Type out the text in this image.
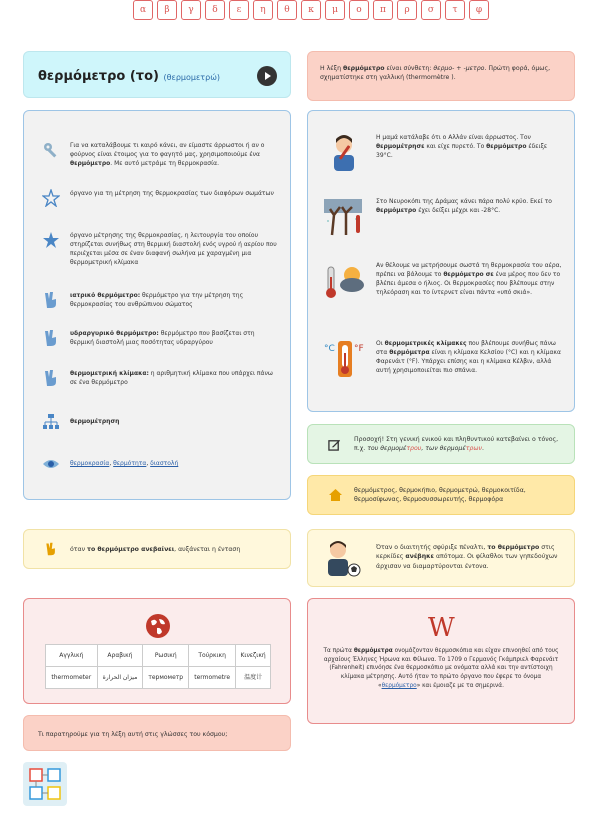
α	β	γ	δ	ε	η	θ	κ	μ	ο	π	ρ	σ	τ	φ
θερμόμετρο (το) (θερμομετρώ)
Η λέξη θερμόμετρο είναι σύνθετη: θερμο- + -μετρο. Πρώτη φορά, όμως, σχηματίστηκε στη γαλλική (thermomètre ).
Για να καταλάβουμε τι καιρό κάνει, αν είμαστε άρρωστοι ή αν ο φούρνος είναι έτοιμος για το φαγητό μας, χρησιμοποιούμε ένα θερμόμετρο. Με αυτό μετράμε τη θερμοκρασία.
όργανο για τη μέτρηση της θερμοκρασίας των διαφόρων σωμάτων
όργανο μέτρησης της θερμοκρασίας, η λειτουργία του οποίου στηρίζεται συνήθως στη θερμική διαστολή ενός υγρού ή αερίου που περιέχεται μέσα σε έναν διαφανή σωλήνα με χαραγμένη μια θερμομετρική κλίμακα
ιατρικό θερμόμετρο: θερμόμετρο για την μέτρηση της θερμοκρασίας του ανθρώπινου σώματος
υδραργυρικό θερμόμετρο: θερμόμετρο που βασίζεται στη θερμική διαστολή μιας ποσότητας υδραργύρου
θερμομετρική κλίμακα: η αριθμητική κλίμακα που υπάρχει πάνω σε ένα θερμόμετρο
θερμομέτρηση
θερμοκρασία, θερμότητα, διαστολή
Η μαμά κατάλαβε ότι ο Αλλάν είναι άρρωστος. Τον θερμομέτρησε και είχε πυρετό. Το θερμόμετρο έδειξε 39°C.
Στο Νευροκόπι της Δράμας κάνει πάρα πολύ κρύο. Εκεί το θερμόμετρο έχει δείξει μέχρι και -28°C.
Αν θέλουμε να μετρήσουμε σωστά τη θερμοκρασία του αέρα, πρέπει να βάλουμε το θερμόμετρο σε ένα μέρος που δεν το βλέπει άμεσα ο ήλιος. Οι θερμοκρασίες που βλέπουμε στην τηλεόραση και το ίντερνετ είναι πάντα «υπό σκιά».
°C °F
Οι θερμομετρικές κλίμακες που βλέπουμε συνήθως πάνω στα θερμόμετρα είναι η κλίμακα Κελσίου (°C) και η κλίμακα Φαρενάιτ (°F). Υπάρχει επίσης και η κλίμακα Κέλβιν, αλλά αυτή χρησιμοποιείται πιο σπάνια.
Προσοχή! Στη γενική ενικού και πληθυντικού κατεβαίνει ο τόνος, π.χ. του θερμομέτρου, των θερμομέτρων.
θερμόμετρος, θερμοκήπιο, θερμομετρώ, θερμοκοιτίδα, θερμοσίφωνας, θερμοσυσσωρευτής, θερμοφόρα
όταν το θερμόμετρο ανεβαίνει, αυξάνεται η ένταση	Όταν ο διαιτητής σφύριξε πέναλτι, το θερμόμετρο στις κερκίδες ανέβηκε απότομα. Οι φίλαθλοι των γηπεδούχων άρχισαν να διαμαρτύρονται έντονα.
Αγγλική	Αραβική	Ρωσική	Τούρκικη	Κινεζική
thermometer	ميزان الحرارة	термометр	termometre	温度计
Τι παρατηρούμε για τη λέξη αυτή στις γλώσσες του κόσμου;
W
Τα πρώτα θερμόμετρα ονομάζονταν θερμοσκόπια και είχαν επινοηθεί από τους αρχαίους Έλληνες Ήρωνα και Φίλωνα. Το 1709 ο Γερμανός Γκάμπριελ Φαρενάιτ (Fahrenheit) επινόησε ένα θερμοσκόπιο με ονόματα αλλά και την αντίστοιχη κλίμακα μέτρησης. Αυτό ήταν το πρώτο όργανο που έφερε το όνομα «θερμόμετρο» και έμοιαζε με τα σημερινά.
